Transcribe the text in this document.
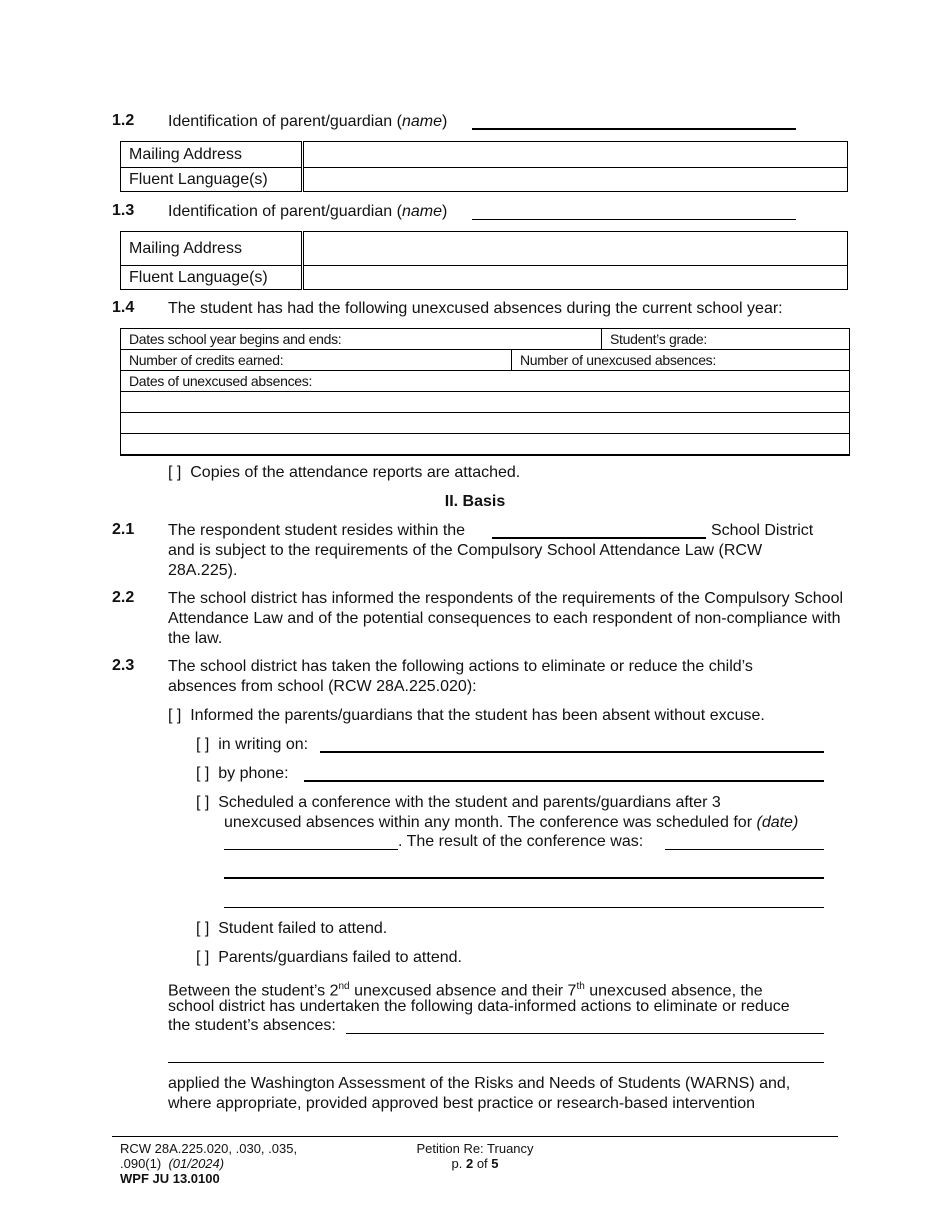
1.2 Identification of parent/guardian (name)
Mailing Address	
Fluent Language(s)	
1.3 Identification of parent/guardian (name)
Mailing Address	
Fluent Language(s)	
1.4 The student has had the following unexcused absences during the current school year:
Dates school year begins and ends:	Student’s grade:
Number of credits earned:	Number of unexcused absences:
Dates of unexcused absences:
[ ] Copies of the attendance reports are attached.
II. Basis
2.1 The respondent student resides within the	School District
and is subject to the requirements of the Compulsory School Attendance Law (RCW 28A.225).
2.2 The school district has informed the respondents of the requirements of the Compulsory School Attendance Law and of the potential consequences to each respondent of non-compliance with the law.
2.3 The school district has taken the following actions to eliminate or reduce the child’s absences from school (RCW 28A.225.020):
[ ] Informed the parents/guardians that the student has been absent without excuse.
[ ] in writing on:
[ ] by phone:
[ ] Scheduled a conference with the student and parents/guardians after 3
unexcused absences within any month. The conference was scheduled for (date)
. The result of the conference was:
[ ] Student failed to attend.
[ ] Parents/guardians failed to attend.
Between the student’s 2nd unexcused absence and their 7th unexcused absence, the
school district has undertaken the following data-informed actions to eliminate or reduce
the student’s absences:
applied the Washington Assessment of the Risks and Needs of Students (WARNS) and,
where appropriate, provided approved best practice or research-based intervention
RCW 28A.225.020, .030, .035,
.090(1) (01/2024)
WPF JU 13.0100
Petition Re: Truancy
p. 2 of 5
